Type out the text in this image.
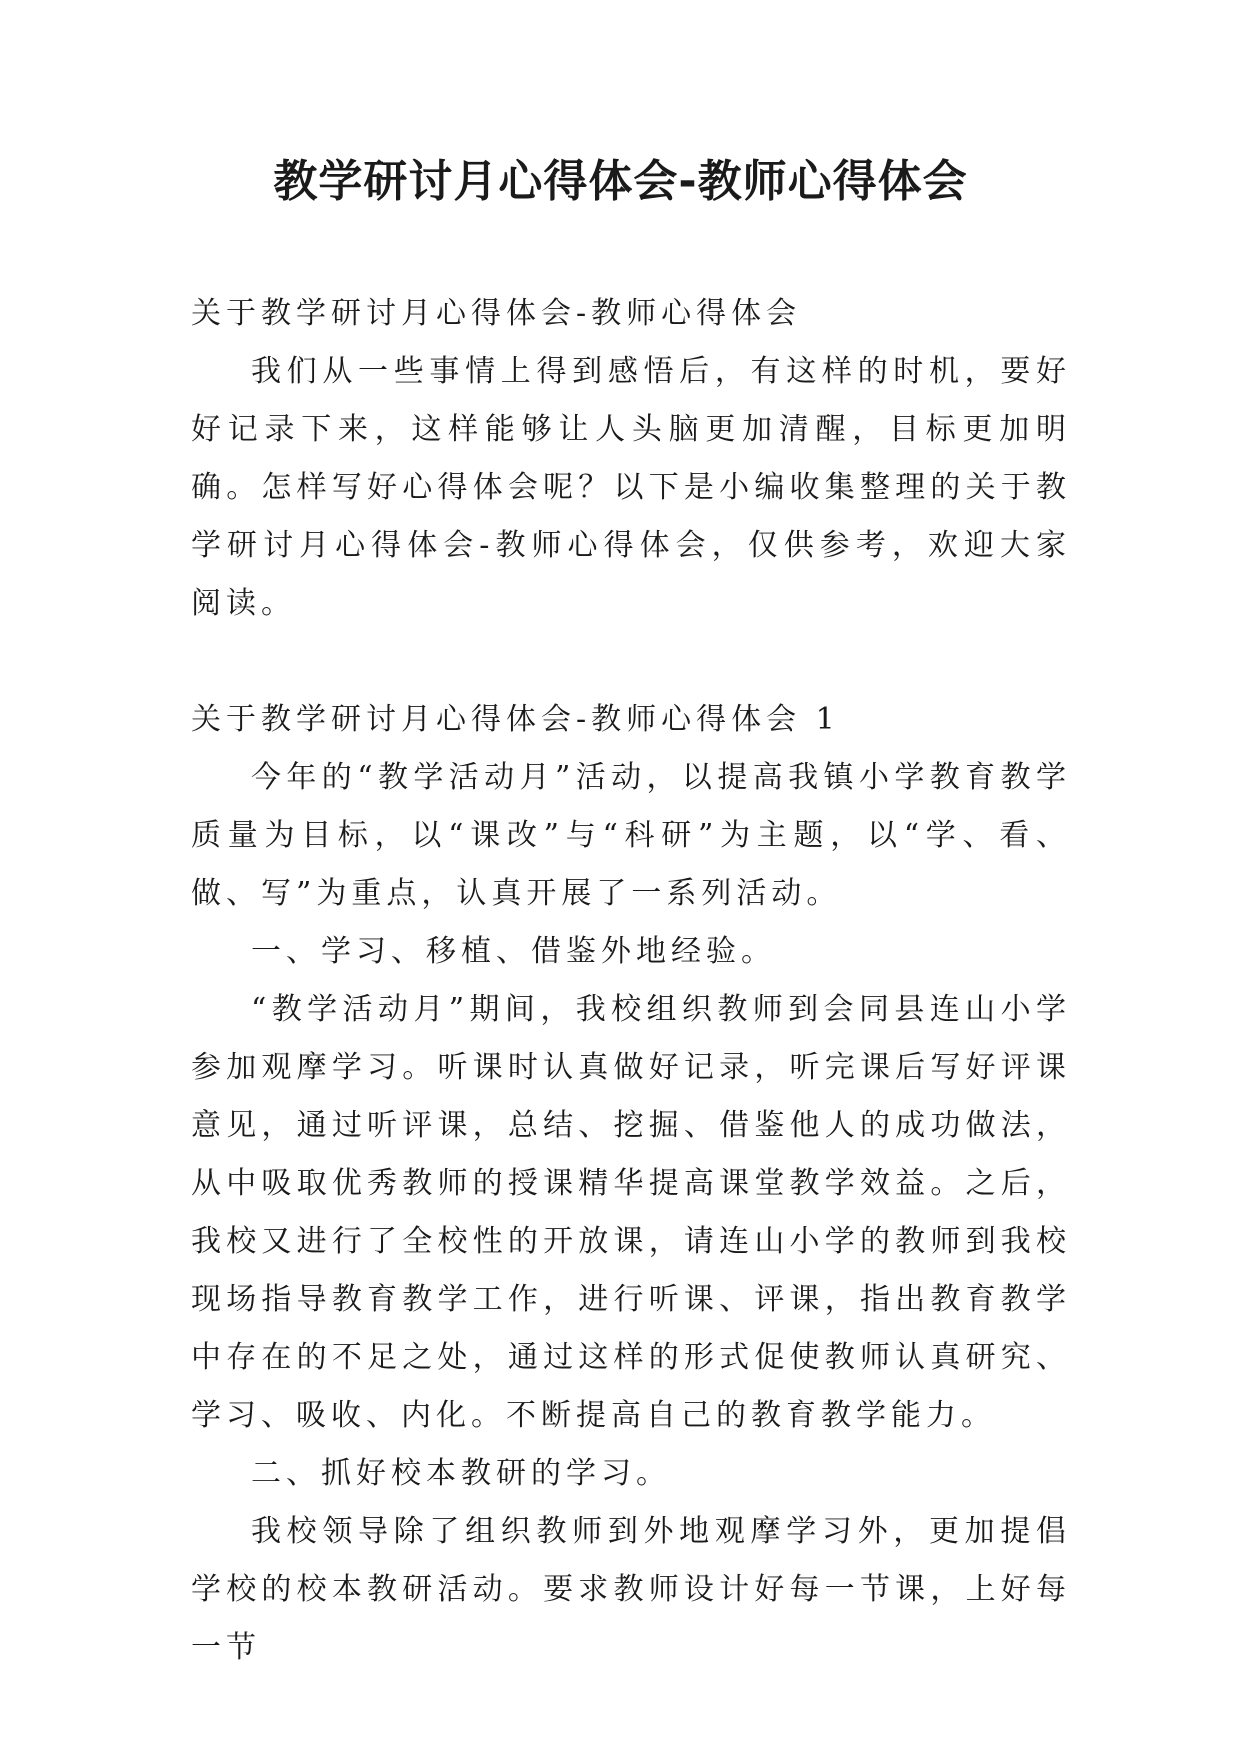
教学研讨月心得体会-教师心得体会

关于教学研讨月心得体会-教师心得体会

我们从一些事情上得到感悟后，有这样的时机，要好好记录下来，这样能够让人头脑更加清醒，目标更加明确。怎样写好心得体会呢？以下是小编收集整理的关于教学研讨月心得体会-教师心得体会，仅供参考，欢迎大家阅读。

关于教学研讨月心得体会-教师心得体会 1

今年的“教学活动月”活动，以提高我镇小学教育教学质量为目标，以“课改”与“科研”为主题，以“学、看、做、写”为重点，认真开展了一系列活动。

一、学习、移植、借鉴外地经验。

“教学活动月”期间，我校组织教师到会同县连山小学参加观摩学习。听课时认真做好记录，听完课后写好评课意见，通过听评课，总结、挖掘、借鉴他人的成功做法，从中吸取优秀教师的授课精华提高课堂教学效益。之后，我校又进行了全校性的开放课，请连山小学的教师到我校现场指导教育教学工作，进行听课、评课，指出教育教学中存在的不足之处，通过这样的形式促使教师认真研究、学习、吸收、内化。不断提高自己的教育教学能力。

二、抓好校本教研的学习。

我校领导除了组织教师到外地观摩学习外，更加提倡学校的校本教研活动。要求教师设计好每一节课，上好每一节
